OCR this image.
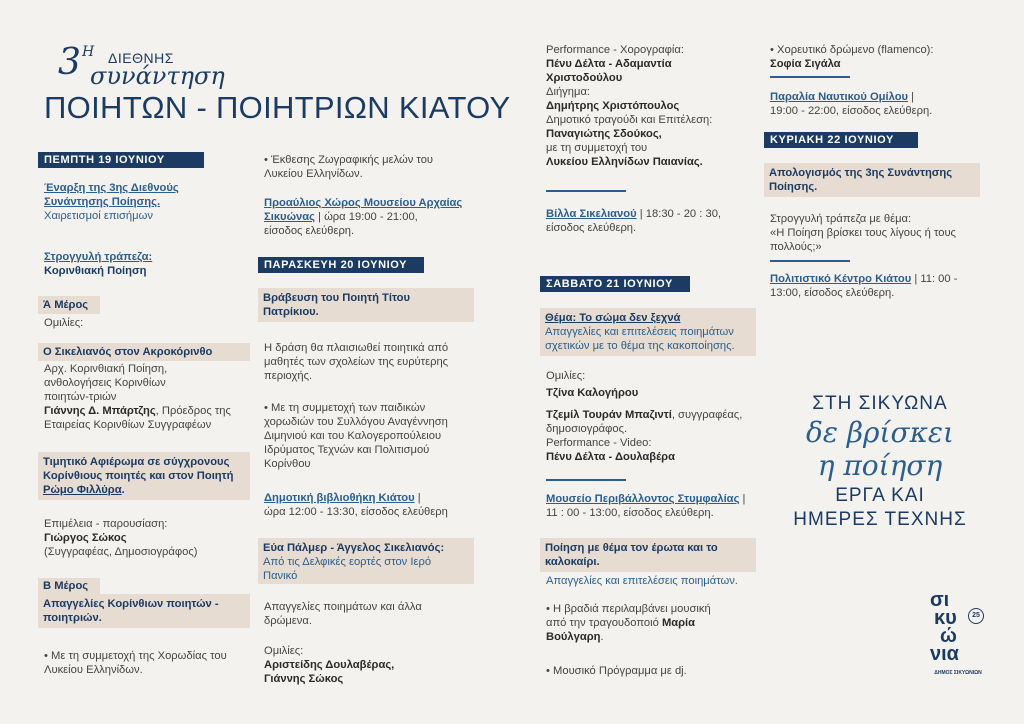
3 Η ΔΙΕΘΝΗΣ
συνάντηση
ΠΟΙΗΤΩΝ - ΠΟΙΗΤΡΙΩΝ ΚΙΑΤΟΥ
ΠΕΜΠΤΗ 19 ΙΟΥΝΙΟΥ
Έναρξη της 3ης Διεθνούς Συνάντησης Ποίησης.
Χαιρετισμοί επισήμων
Στρογγυλή τράπεζα:
Κορινθιακή Ποίηση
Ά Μέρος
Ομιλίες:
Ο Σικελιανός στον Ακροκόρινθο
Αρχ. Κορινθιακή Ποίηση,
ανθολογήσεις Κορινθίων
ποιητών-τριών
Γιάννης Δ. Μπάρτζης, Πρόεδρος της
Εταιρείας Κορινθίων Συγγραφέων
Τιμητικό Αφιέρωμα σε σύγχρονους
Κορίνθιους ποιητές και στον Ποιητή
Ρώμο Φιλλύρα.
Επιμέλεια - παρουσίαση:
Γιώργος Σώκος
(Συγγραφέας, Δημοσιογράφος)
Β Μέρος
Απαγγελίες Κορίνθιων ποιητών -
ποιητριών.
• Με τη συμμετοχή της Χορωδίας του
Λυκείου Ελληνίδων.
• Έκθεσης Ζωγραφικής μελών του
Λυκείου Ελληνίδων.
Προαύλιος Χώρος Μουσείου Αρχαίας
Σικυώνας | ώρα 19:00 - 21:00,
είσοδος ελεύθερη.
ΠΑΡΑΣΚΕΥΗ 20 ΙΟΥΝΙΟΥ
Βράβευση του Ποιητή Τίτου
Πατρίκιου.
Η δράση θα πλαισιωθεί ποιητικά από
μαθητές των σχολείων της ευρύτερης
περιοχής.
• Με τη συμμετοχή των παιδικών
χορωδιών του Συλλόγου Αναγέννηση
Διμηνιού και του Καλογεροπούλειου
Ιδρύματος Τεχνών και Πολιτισμού
Κορίνθου
Δημοτική βιβλιοθήκη Κιάτου |
ώρα 12:00 - 13:30, είσοδος ελεύθερη
Εύα Πάλμερ - Άγγελος Σικελιανός:
Από τις Δελφικές εορτές στον Ιερό
Πανικό
Απαγγελίες ποιημάτων και άλλα
δρώμενα.
Ομιλίες:
Αριστείδης Δουλαβέρας,
Γιάννης Σώκος
Performance - Χορογραφία:
Πένυ Δέλτα - Αδαμαντία
Χριστοδούλου
Διήγημα:
Δημήτρης Χριστόπουλος
Δημοτικό τραγούδι και Επιτέλεση:
Παναγιώτης Σδούκος,
με τη συμμετοχή του
Λυκείου Ελληνίδων Παιανίας.
Βίλλα Σικελιανού | 18:30 - 20 : 30,
είσοδος ελεύθερη.
ΣΑΒΒΑΤΟ 21 ΙΟΥΝΙΟΥ
Θέμα: Το σώμα δεν ξεχνά
Απαγγελίες και επιτελέσεις ποιημάτων
σχετικών με το θέμα της κακοποίησης.
Ομιλίες:
Τζίνα Καλογήρου
Τζεμίλ Τουράν Μπαζιντί, συγγραφέας,
δημοσιογράφος.
Performance - Video:
Πένυ Δέλτα - Δουλαβέρα
Μουσείο Περιβάλλοντος Στυμφαλίας |
11 : 00 - 13:00, είσοδος ελεύθερη.
Ποίηση με θέμα τον έρωτα και το
καλοκαίρι.
Απαγγελίες και επιτελέσεις ποιημάτων.
• Η βραδιά περιλαμβάνει μουσική
από την τραγουδοποιό Μαρία
Βούλγαρη.
• Μουσικό Πρόγραμμα με dj.
• Χορευτικό δρώμενο (flamenco):
Σοφία Σιγάλα
Παραλία Ναυτικού Ομίλου |
19:00 - 22:00, είσοδος ελεύθερη.
ΚΥΡΙΑΚΗ 22 ΙΟΥΝΙΟΥ
Απολογισμός της 3ης Συνάντησης
Ποίησης.
Στρογγυλή τράπεζα με θέμα:
«Η Ποίηση βρίσκει τους λίγους ή τους
πολλούς;»
Πολιτιστικό Κέντρο Κιάτου | 11: 00 -
13:00, είσοδος ελεύθερη.
ΣΤΗ ΣΙΚΥΩΝΑ
δε βρίσκει
η ποίηση
ΕΡΓΑ ΚΑΙ
ΗΜΕΡΕΣ ΤΕΧΝΗΣ
σι
κυ
ώ
νια
25
ΔΗΜΟΣ ΣΙΚΥΩΝΙΩΝ
